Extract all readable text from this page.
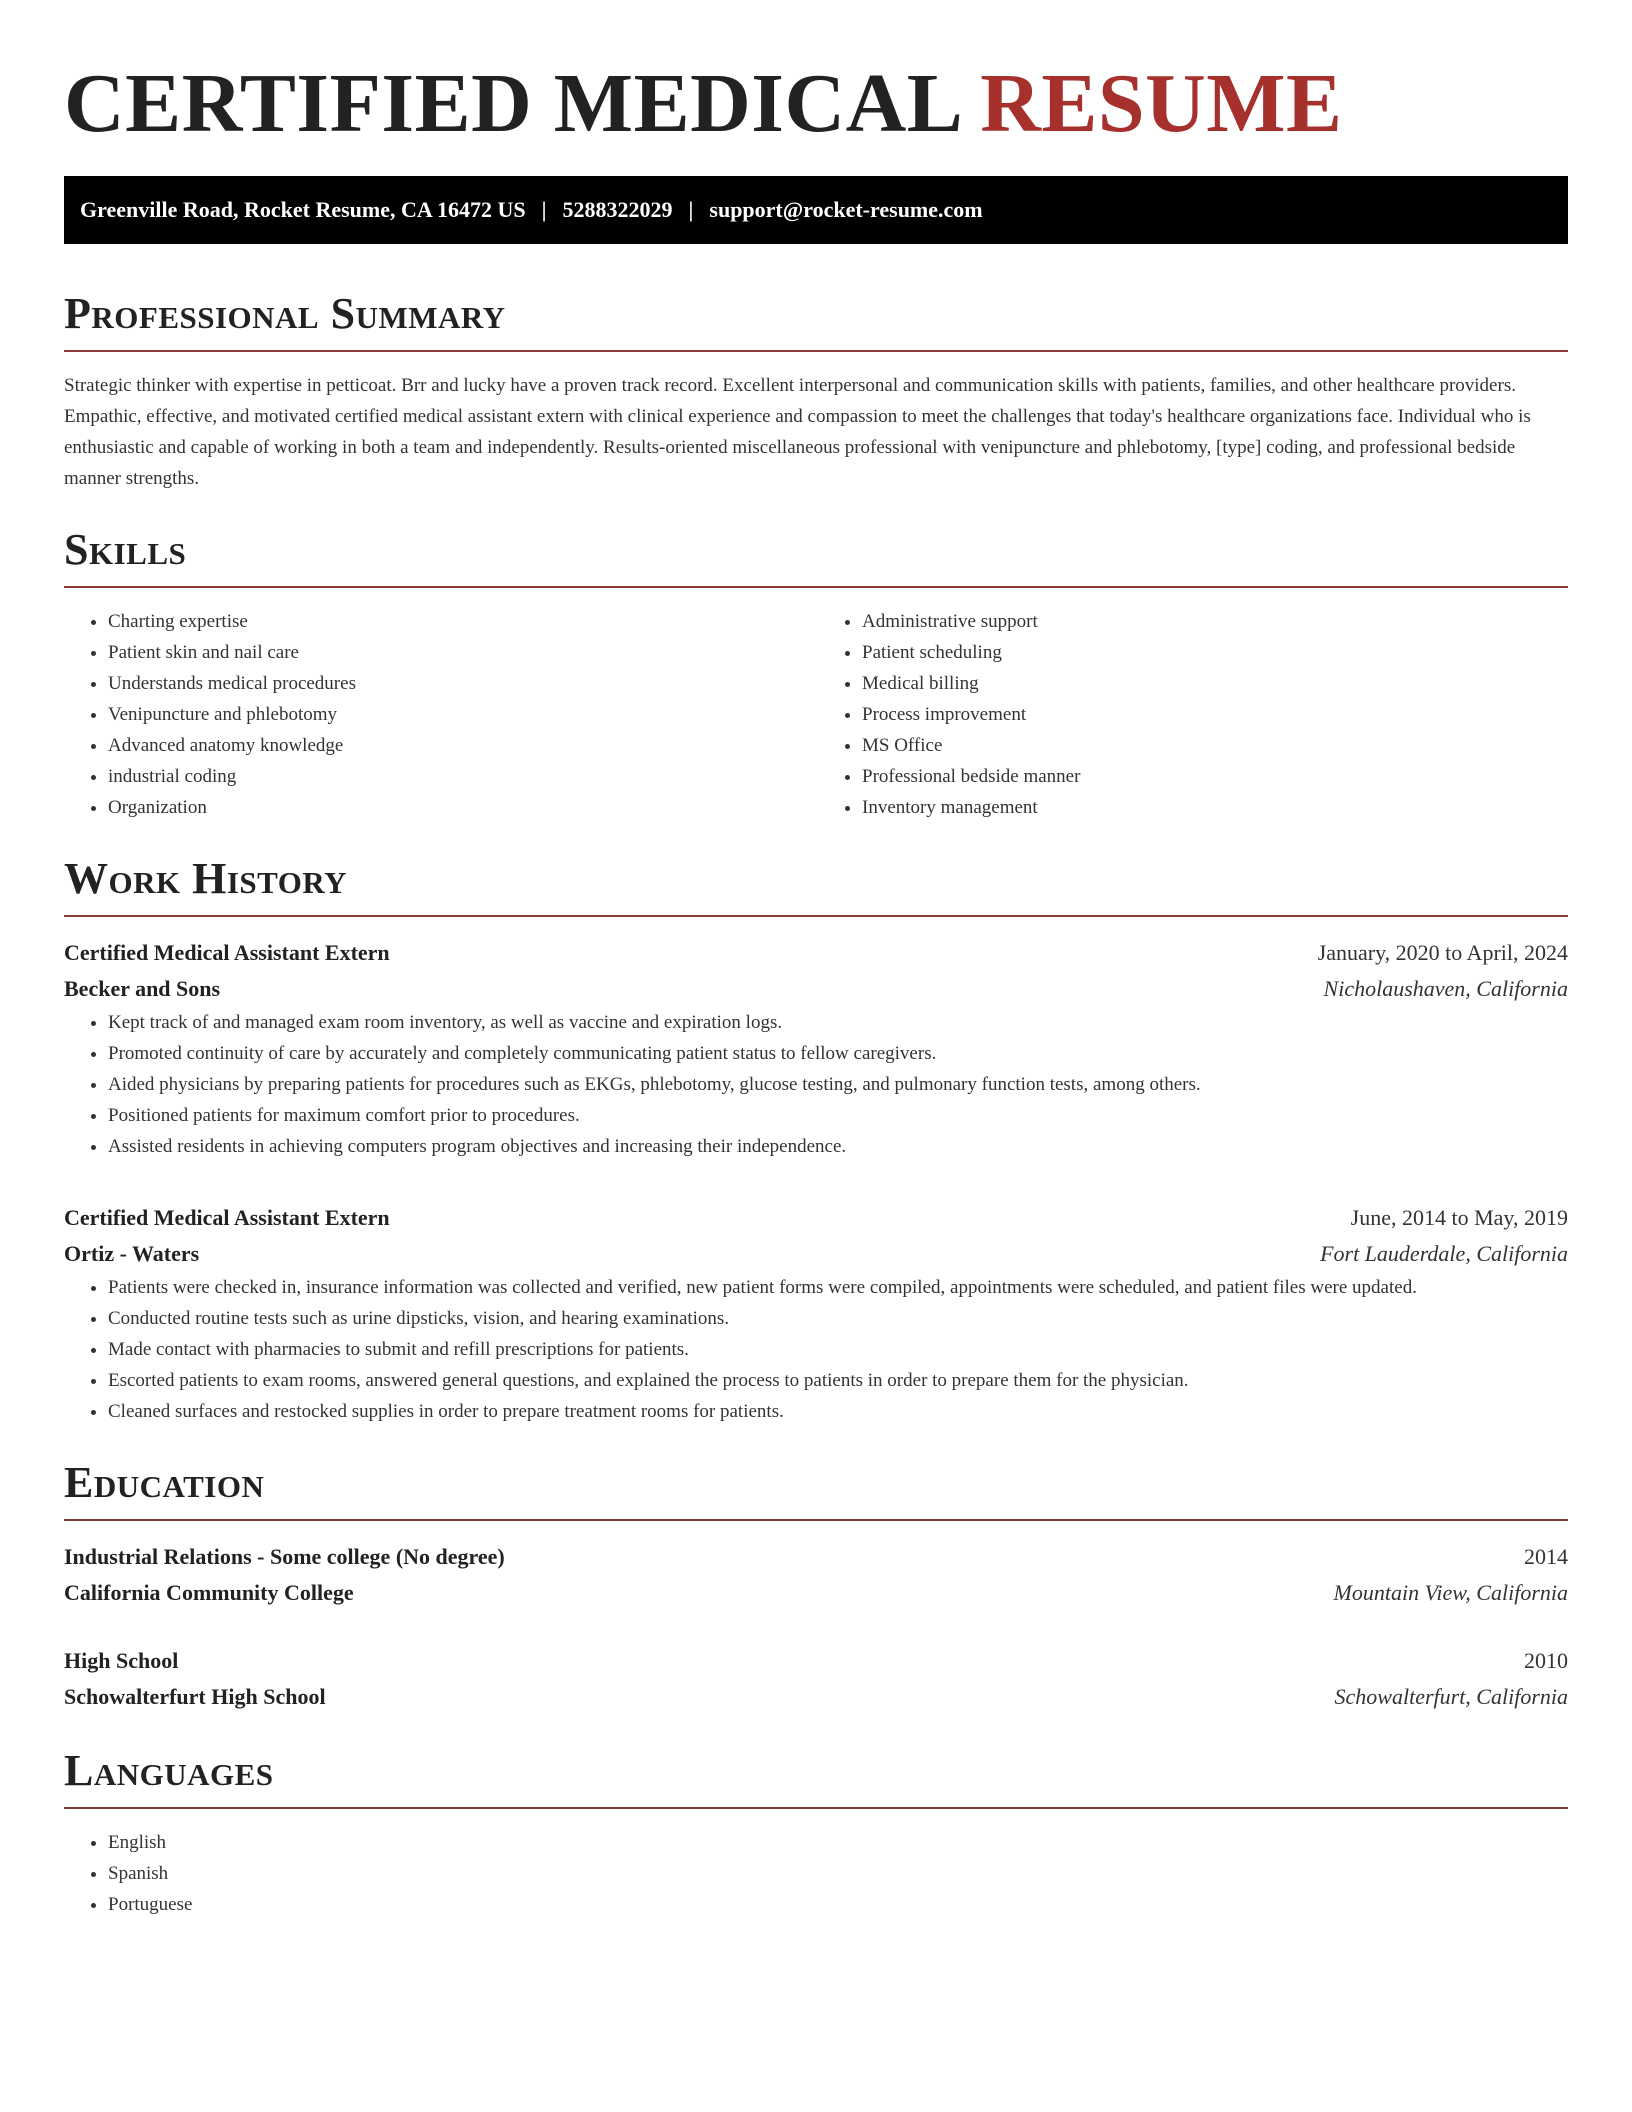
CERTIFIED MEDICAL RESUME
Greenville Road, Rocket Resume, CA 16472 US | 5288322029 | support@rocket-resume.com
Professional Summary

Strategic thinker with expertise in petticoat. Brr and lucky have a proven track record. Excellent interpersonal and communication skills with patients, families, and other healthcare providers. Empathic, effective, and motivated certified medical assistant extern with clinical experience and compassion to meet the challenges that today's healthcare organizations face. Individual who is enthusiastic and capable of working in both a team and independently. Results-oriented miscellaneous professional with venipuncture and phlebotomy, [type] coding, and professional bedside manner strengths.

Skills
• Charting expertise
• Patient skin and nail care
• Understands medical procedures
• Venipuncture and phlebotomy
• Advanced anatomy knowledge
• industrial coding
• Organization
• Administrative support
• Patient scheduling
• Medical billing
• Process improvement
• MS Office
• Professional bedside manner
• Inventory management
Work History
Certified Medical Assistant Extern	January, 2020 to April, 2024
Becker and Sons	Nicholaushaven, California
• Kept track of and managed exam room inventory, as well as vaccine and expiration logs.
• Promoted continuity of care by accurately and completely communicating patient status to fellow caregivers.
• Aided physicians by preparing patients for procedures such as EKGs, phlebotomy, glucose testing, and pulmonary function tests, among others.
• Positioned patients for maximum comfort prior to procedures.
• Assisted residents in achieving computers program objectives and increasing their independence.
Certified Medical Assistant Extern	June, 2014 to May, 2019
Ortiz - Waters	Fort Lauderdale, California
• Patients were checked in, insurance information was collected and verified, new patient forms were compiled, appointments were scheduled, and patient files were updated.
• Conducted routine tests such as urine dipsticks, vision, and hearing examinations.
• Made contact with pharmacies to submit and refill prescriptions for patients.
• Escorted patients to exam rooms, answered general questions, and explained the process to patients in order to prepare them for the physician.
• Cleaned surfaces and restocked supplies in order to prepare treatment rooms for patients.
Education
Industrial Relations - Some college (No degree)	2014
California Community College	Mountain View, California
High School	2010
Schowalterfurt High School	Schowalterfurt, California
Languages
• English
• Spanish
• Portuguese
